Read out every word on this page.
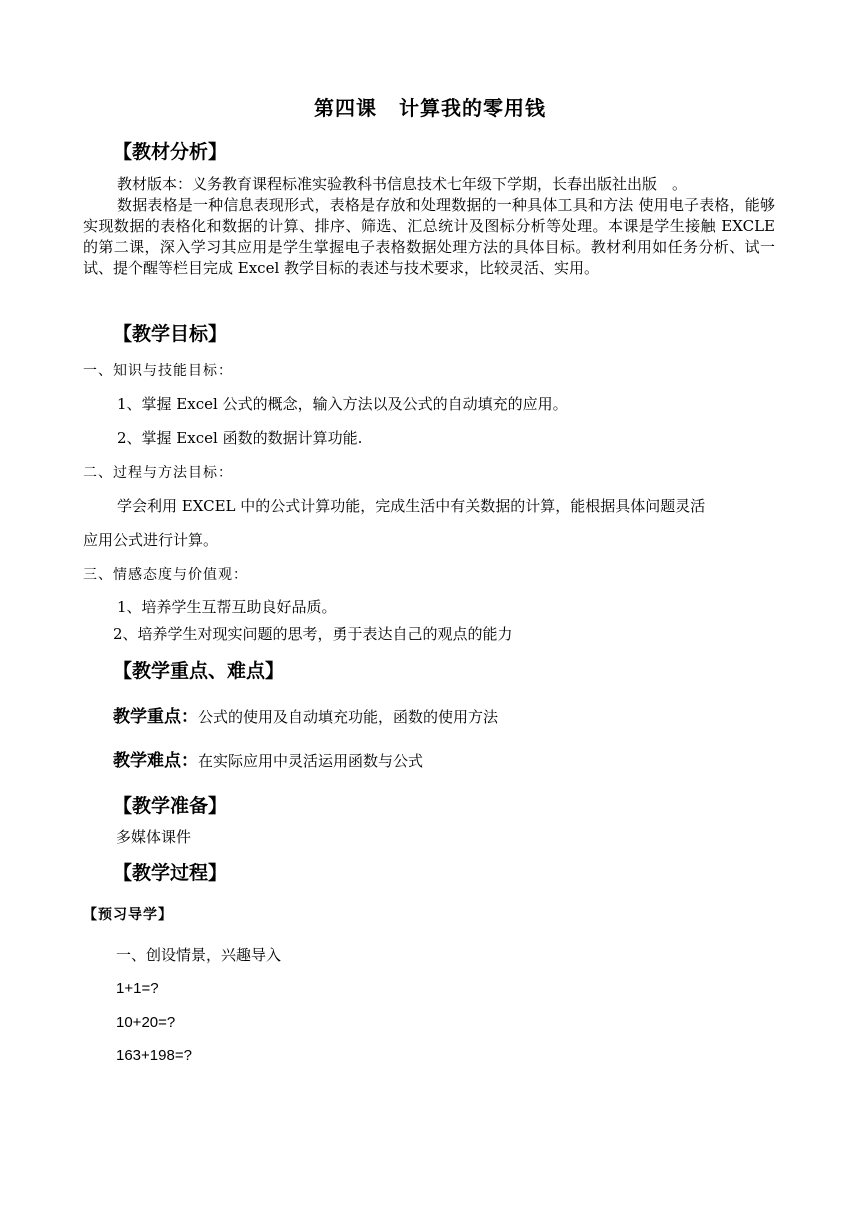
第四课 计算我的零用钱
【教材分析】

教材版本：义务教育课程标准实验教科书信息技术七年级下学期，长春出版社出版　。

数据表格是一种信息表现形式，表格是存放和处理数据的一种具体工具和方法 使用电子表格，能够实现数据的表格化和数据的计算、排序、筛选、汇总统计及图标分析等处理。本课是学生接触 EXCLE 的第二课，深入学习其应用是学生掌握电子表格数据处理方法的具体目标。教材利用如任务分析、试一试、提个醒等栏目完成 Excel 教学目标的表述与技术要求，比较灵活、实用。

【教学目标】
一、知识与技能目标：
1、掌握 Excel 公式的概念，输入方法以及公式的自动填充的应用。
2、掌握 Excel 函数的数据计算功能.
二、过程与方法目标：
学会利用 EXCEL 中的公式计算功能，完成生活中有关数据的计算，能根据具体问题灵活
应用公式进行计算。
三、情感态度与价值观：
1、培养学生互帮互助良好品质。
2、培养学生对现实问题的思考，勇于表达自己的观点的能力
【教学重点、难点】
教学重点：公式的使用及自动填充功能，函数的使用方法
教学难点：在实际应用中灵活运用函数与公式
【教学准备】
多媒体课件
【教学过程】
【预习导学】
一、创设情景，兴趣导入
1+1=?
10+20=?
163+198=?
